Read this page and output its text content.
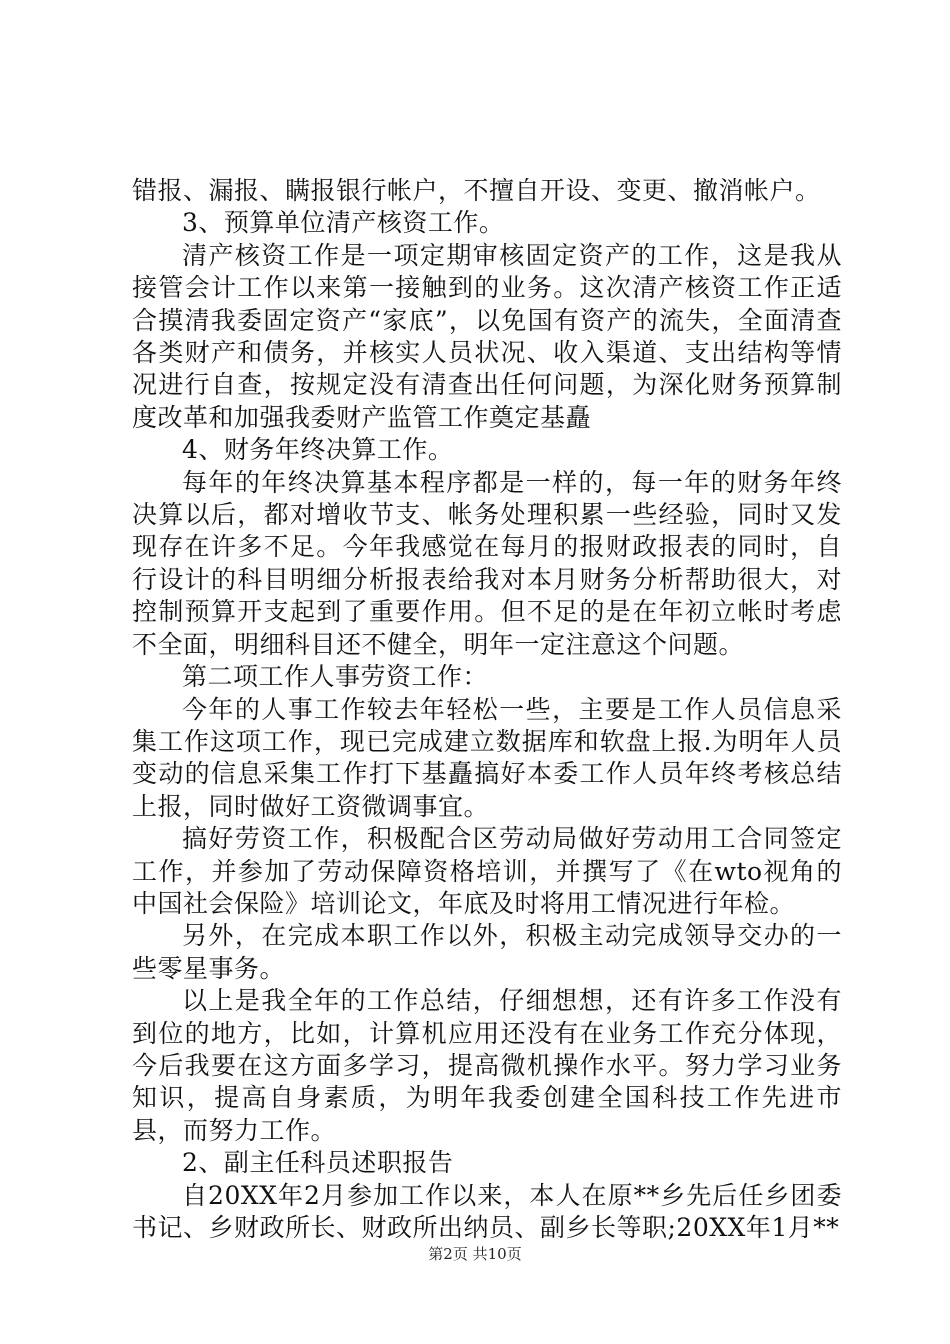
错报、漏报、瞒报银行帐户，不擅自开设、变更、撤消帐户。

3、预算单位清产核资工作。

清产核资工作是一项定期审核固定资产的工作，这是我从接管会计工作以来第一接触到的业务。这次清产核资工作正适合摸清我委固定资产“家底”，以免国有资产的流失，全面清查各类财产和债务，并核实人员状况、收入渠道、支出结构等情况进行自查，按规定没有清查出任何问题，为深化财务预算制度改革和加强我委财产监管工作奠定基矗

4、财务年终决算工作。

每年的年终决算基本程序都是一样的，每一年的财务年终决算以后，都对增收节支、帐务处理积累一些经验，同时又发现存在许多不足。今年我感觉在每月的报财政报表的同时，自行设计的科目明细分析报表给我对本月财务分析帮助很大，对控制预算开支起到了重要作用。但不足的是在年初立帐时考虑不全面，明细科目还不健全，明年一定注意这个问题。

第二项工作人事劳资工作：

今年的人事工作较去年轻松一些，主要是工作人员信息采集工作这项工作，现已完成建立数据库和软盘上报.为明年人员变动的信息采集工作打下基矗搞好本委工作人员年终考核总结上报，同时做好工资微调事宜。

搞好劳资工作，积极配合区劳动局做好劳动用工合同签定工作，并参加了劳动保障资格培训，并撰写了《在wto视角的中国社会保险》培训论文，年底及时将用工情况进行年检。

另外，在完成本职工作以外，积极主动完成领导交办的一些零星事务。

以上是我全年的工作总结，仔细想想，还有许多工作没有到位的地方，比如，计算机应用还没有在业务工作充分体现，今后我要在这方面多学习，提高微机操作水平。努力学习业务知识，提高自身素质，为明年我委创建全国科技工作先进市县，而努力工作。

2、副主任科员述职报告

自20XX年2月参加工作以来，本人在原**乡先后任乡团委书记、乡财政所长、财政所出纳员、副乡长等职;20XX年1月**

第2页 共10页
